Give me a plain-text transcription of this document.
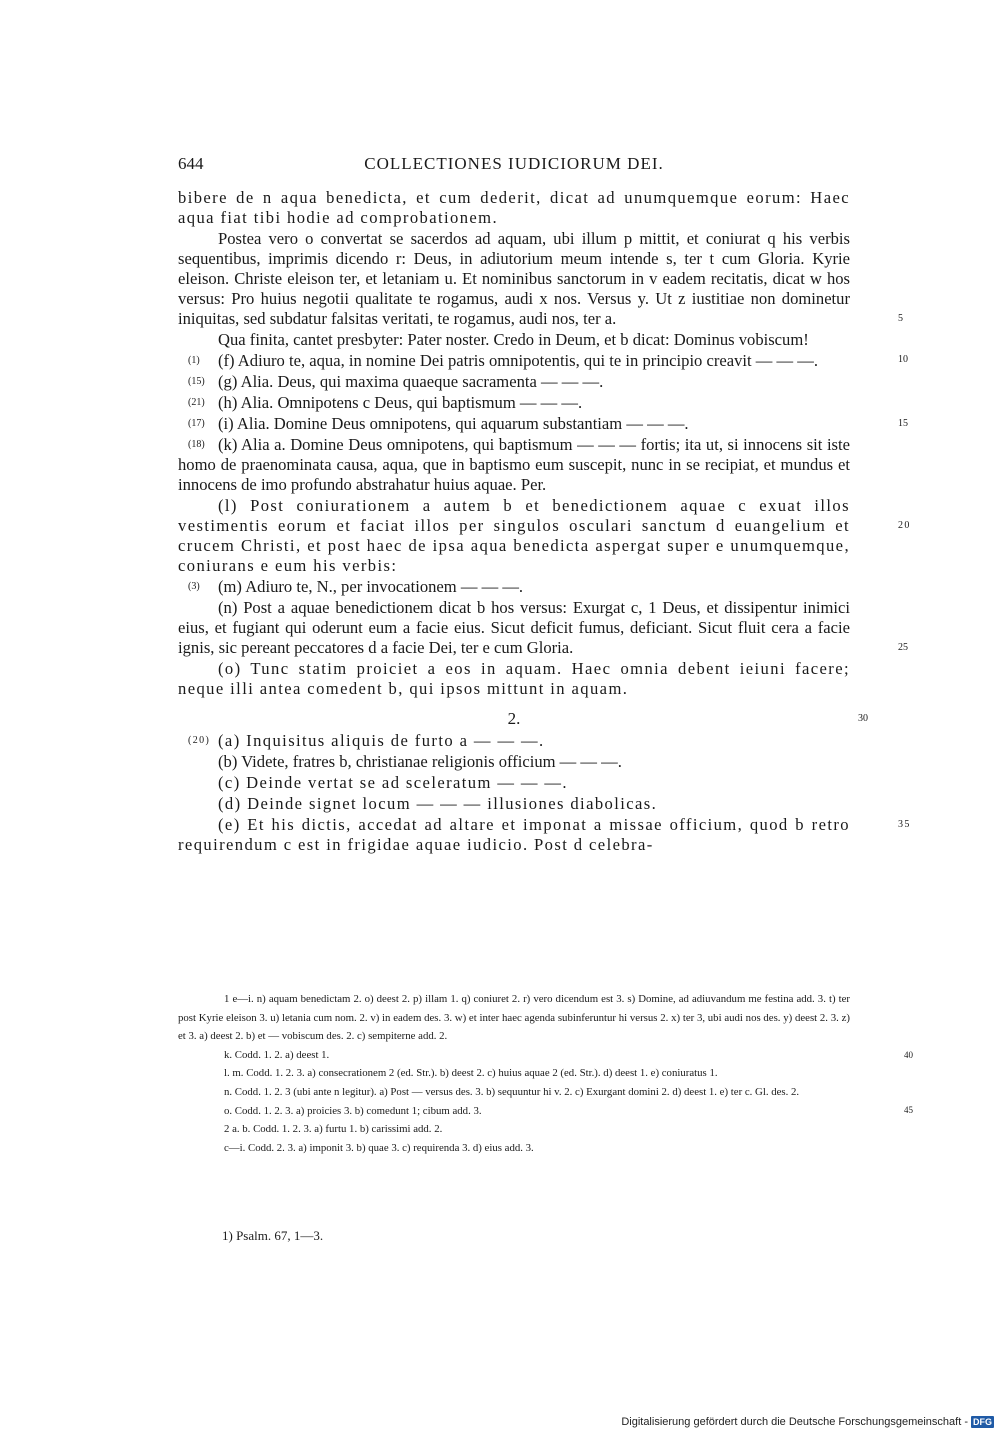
644	COLLECTIONES IUDICIORUM DEI.

bibere de n aqua benedicta, et cum dederit, dicat ad unumquemque eorum: Haec aqua fiat tibi hodie ad comprobationem.

Postea vero o convertat se sacerdos ad aquam, ubi illum p mittit, et coniurat q his verbis sequentibus, imprimis dicendo r: Deus, in adiutorium meum intende s, ter t cum Gloria. Kyrie eleison. Christe eleison ter, et letaniam u. Et nominibus sanctorum in v eadem recitatis, dicat w hos versus: Pro huius negotii qualitate te rogamus, audi x nos. Versus y. Ut z iustitiae non dominetur iniquitas, sed subdatur falsitas veritati, te rogamus, audi nos, ter a.	5

Qua finita, cantet presbyter: Pater noster. Credo in Deum, et b dicat: Dominus vobiscum!
10

(1) (f) Adiuro te, aqua, in nomine Dei patris omnipotentis, qui te in principio creavit — — —.

(15) (g) Alia. Deus, qui maxima quaeque sacramenta — — —.

(21) (h) Alia. Omnipotens c Deus, qui baptismum — — —.

(17) (i) Alia. Domine Deus omnipotens, qui aquarum substantiam — — —.	15

(18) (k) Alia a. Domine Deus omnipotens, qui baptismum — — — fortis; ita ut, si innocens sit iste homo de praenominata causa, aqua, que in baptismo eum suscepit, nunc in se recipiat, et mundus et innocens de imo profundo abstrahatur huius aquae. Per.

(l) Post coniurationem a autem b et benedictionem aquae c exuat illos vestimentis eorum et faciat illos per singulos osculari sanctum d euangelium et crucem Christi, et post haec de ipsa aqua benedicta aspergat super e unumquemque, coniurans e eum his verbis:
20

(3) (m) Adiuro te, N., per invocationem — — —.

(n) Post a aquae benedictionem dicat b hos versus: Exurgat c, 1 Deus, et dissipentur inimici eius, et fugiant qui oderunt eum a facie eius. Sicut deficit fumus, deficiant. Sicut fluit cera a facie ignis, sic pereant peccatores d a facie Dei, ter e cum Gloria.	25

(o) Tunc statim proiciet a eos in aquam. Haec omnia debent ieiuni facere; neque illi antea comedent b, qui ipsos mittunt in aquam.

2.	30

(20) (a) Inquisitus aliquis de furto a — — —.

(b) Videte, fratres b, christianae religionis officium — — —.

(c) Deinde vertat se ad sceleratum — — —.

(d) Deinde signet locum — — — illusiones diabolicas.

(e) Et his dictis, accedat ad altare et imponat a missae officium, quod b retro requirendum c est in frigidae aquae iudicio. Post d celebra-
35

1 e—i. n) aquam benedictam 2. o) deest 2. p) illam 1. q) coniuret 2. r) vero dicendum est 3. s) Domine, ad adiuvandum me festina add. 3. t) ter post Kyrie eleison 3. u) letania cum nom. 2. v) in eadem des. 3. w) et inter haec agenda subinferuntur hi versus 2. x) ter 3, ubi audi nos des. y) deest 2. 3. z) et 3. a) deest 2. b) et — vobiscum des. 2. c) sempiterne add. 2.
40

k. Codd. 1. 2. a) deest 1.

l. m. Codd. 1. 2. 3. a) consecrationem 2 (ed. Str.). b) deest 2. c) huius aquae 2 (ed. Str.). d) deest 1. e) coniuratus 1.

n. Codd. 1. 2. 3 (ubi ante n legitur). a) Post — versus des. 3. b) sequuntur hi v. 2. c) Exurgant domini 2. d) deest 1. e) ter c. Gl. des. 2.
45

o. Codd. 1. 2. 3. a) proicies 3. b) comedunt 1; cibum add. 3.

2 a. b. Codd. 1. 2. 3. a) furtu 1. b) carissimi add. 2.

c—i. Codd. 2. 3. a) imponit 3. b) quae 3. c) requirenda 3. d) eius add. 3.

1) Psalm. 67, 1—3.
Digitalisierung gefördert durch die Deutsche Forschungsgemeinschaft - DFG
